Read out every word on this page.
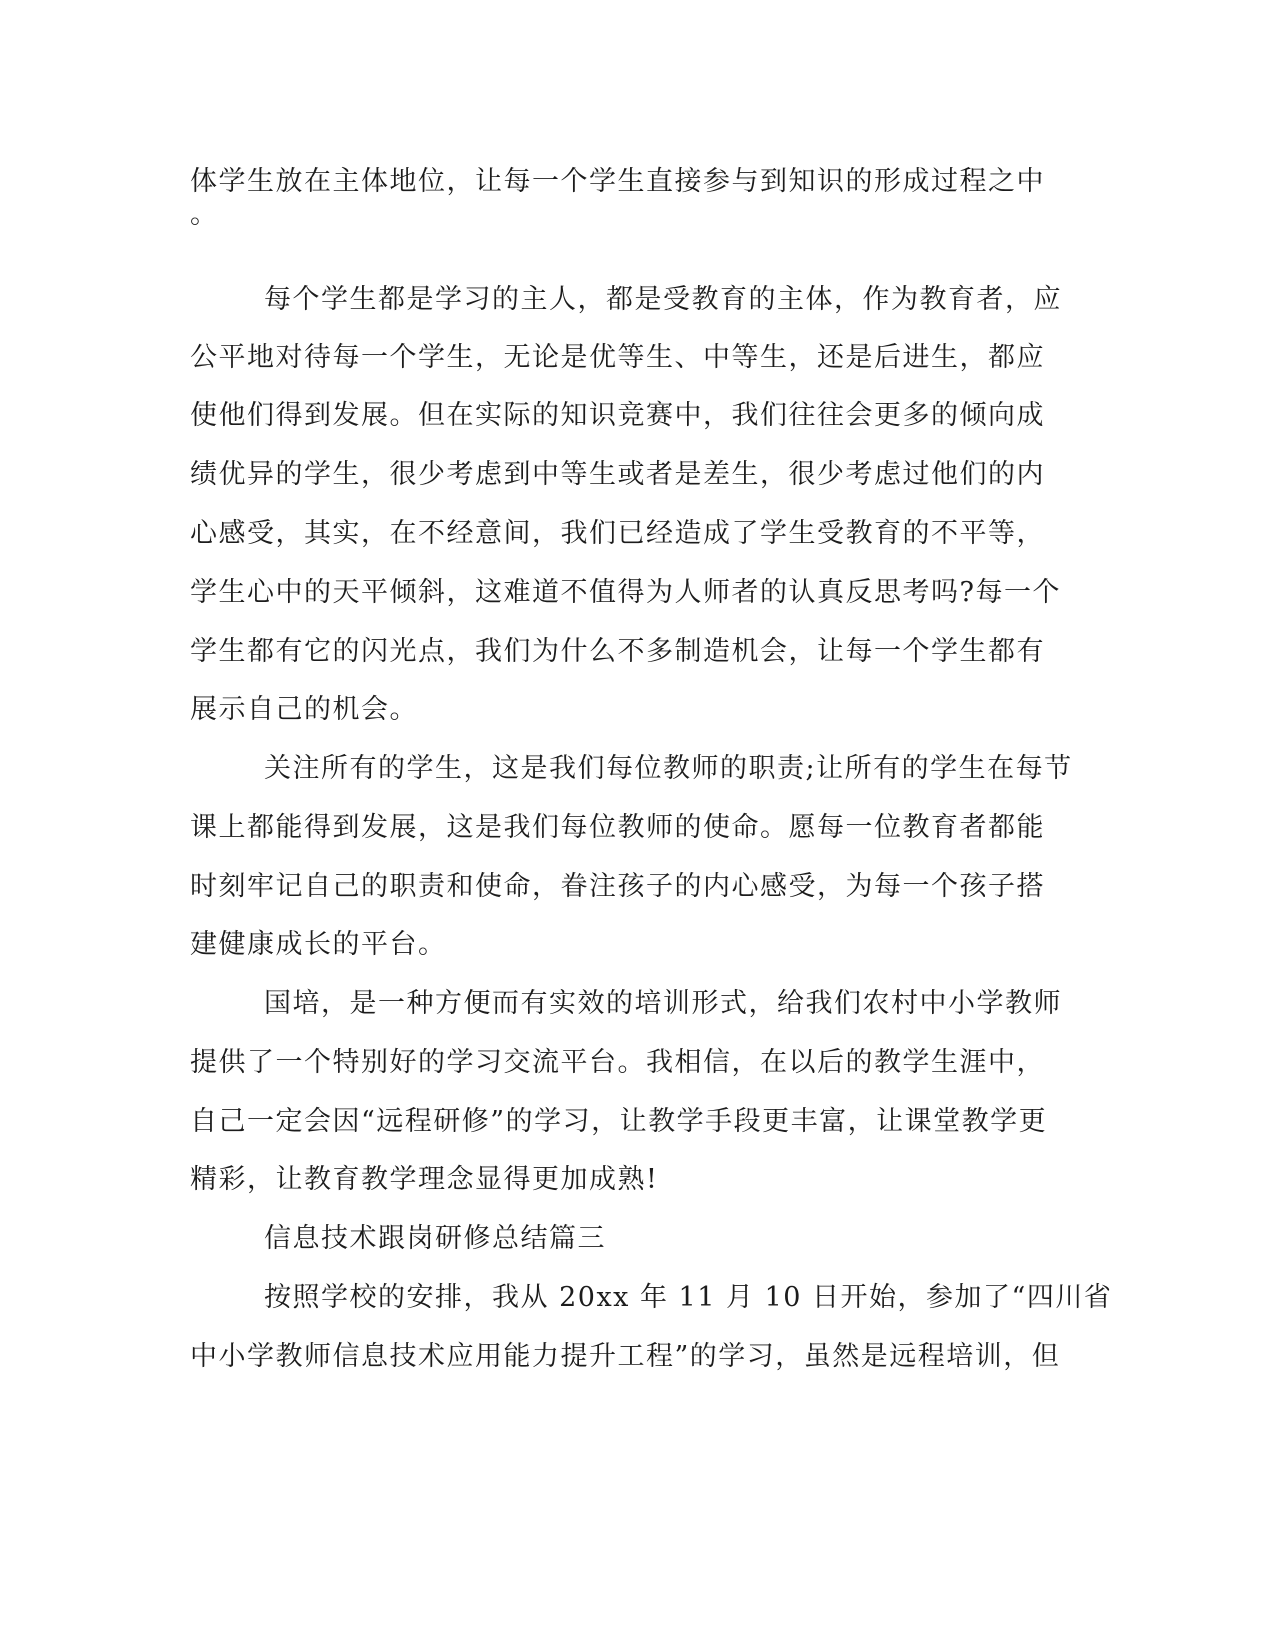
体学生放在主体地位，让每一个学生直接参与到知识的形成过程之中
。
每个学生都是学习的主人，都是受教育的主体，作为教育者，应
公平地对待每一个学生，无论是优等生、中等生，还是后进生，都应
使他们得到发展。但在实际的知识竞赛中，我们往往会更多的倾向成
绩优异的学生，很少考虑到中等生或者是差生，很少考虑过他们的内
心感受，其实，在不经意间，我们已经造成了学生受教育的不平等，
学生心中的天平倾斜，这难道不值得为人师者的认真反思考吗?每一个
学生都有它的闪光点，我们为什么不多制造机会，让每一个学生都有
展示自己的机会。
关注所有的学生，这是我们每位教师的职责;让所有的学生在每节
课上都能得到发展，这是我们每位教师的使命。愿每一位教育者都能
时刻牢记自己的职责和使命，眷注孩子的内心感受，为每一个孩子搭
建健康成长的平台。
国培，是一种方便而有实效的培训形式，给我们农村中小学教师
提供了一个特别好的学习交流平台。我相信，在以后的教学生涯中，
自己一定会因“远程研修”的学习，让教学手段更丰富，让课堂教学更
精彩，让教育教学理念显得更加成熟!
信息技术跟岗研修总结篇三
按照学校的安排，我从 20xx 年 11 月 10 日开始，参加了“四川省
中小学教师信息技术应用能力提升工程”的学习，虽然是远程培训，但
